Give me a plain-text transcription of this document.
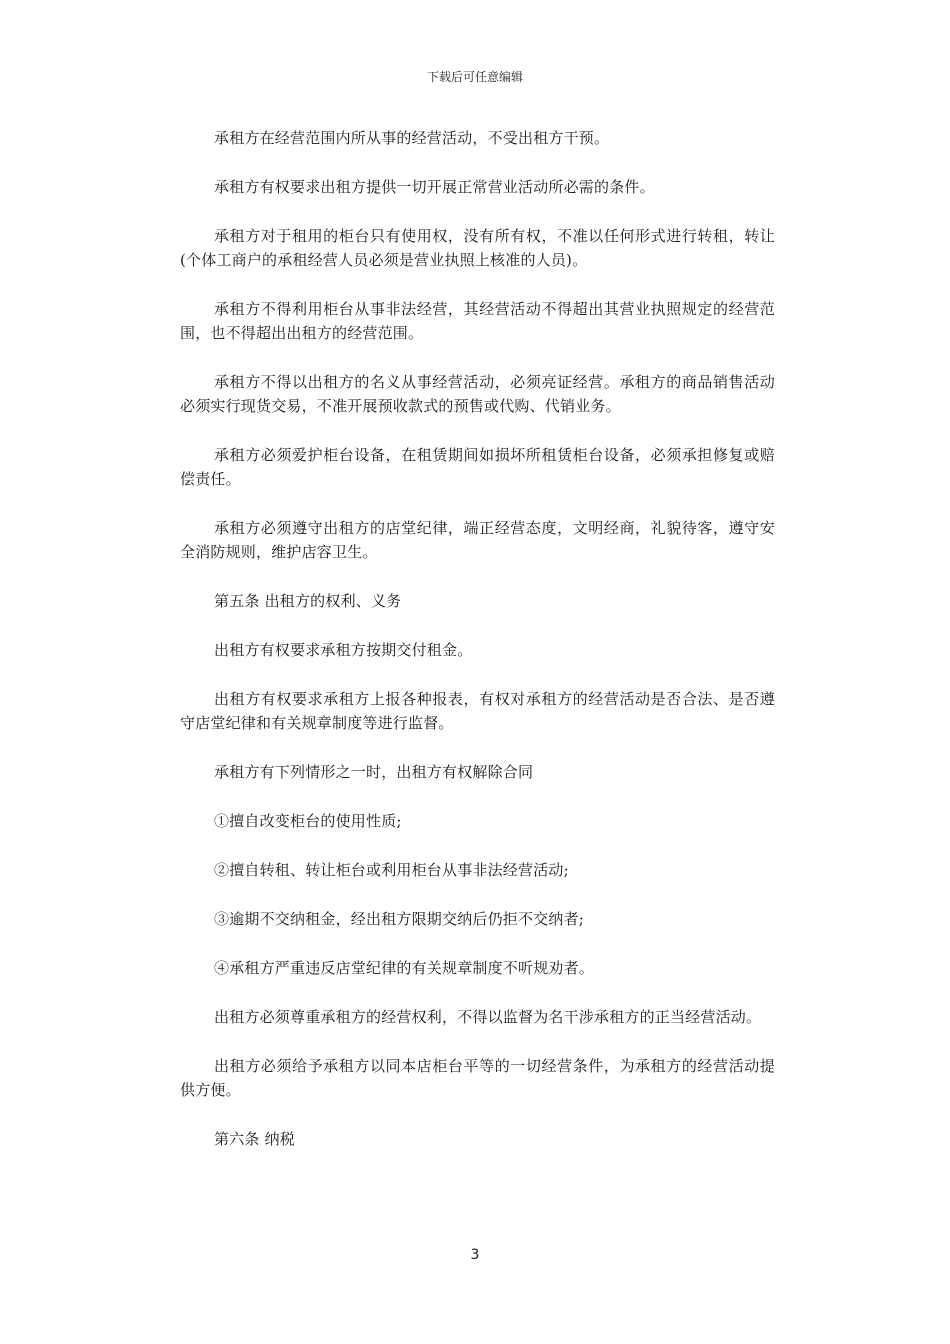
下载后可任意编辑

承租方在经营范围内所从事的经营活动，不受出租方干预。

承租方有权要求出租方提供一切开展正常营业活动所必需的条件。

承租方对于租用的柜台只有使用权，没有所有权，不准以任何形式进行转租，转让(个体工商户的承租经营人员必须是营业执照上核准的人员)。

承租方不得利用柜台从事非法经营，其经营活动不得超出其营业执照规定的经营范围，也不得超出出租方的经营范围。

承租方不得以出租方的名义从事经营活动，必须亮证经营。承租方的商品销售活动必须实行现货交易，不准开展预收款式的预售或代购、代销业务。

承租方必须爱护柜台设备，在租赁期间如损坏所租赁柜台设备，必须承担修复或赔偿责任。

承租方必须遵守出租方的店堂纪律，端正经营态度，文明经商，礼貌待客，遵守安全消防规则，维护店容卫生。

第五条 出租方的权利、义务

出租方有权要求承租方按期交付租金。

出租方有权要求承租方上报各种报表，有权对承租方的经营活动是否合法、是否遵守店堂纪律和有关规章制度等进行监督。

承租方有下列情形之一时，出租方有权解除合同

①擅自改变柜台的使用性质;

②擅自转租、转让柜台或利用柜台从事非法经营活动;

③逾期不交纳租金，经出租方限期交纳后仍拒不交纳者;

④承租方严重违反店堂纪律的有关规章制度不听规劝者。

出租方必须尊重承租方的经营权利，不得以监督为名干涉承租方的正当经营活动。

出租方必须给予承租方以同本店柜台平等的一切经营条件，为承租方的经营活动提供方便。

第六条 纳税

3
